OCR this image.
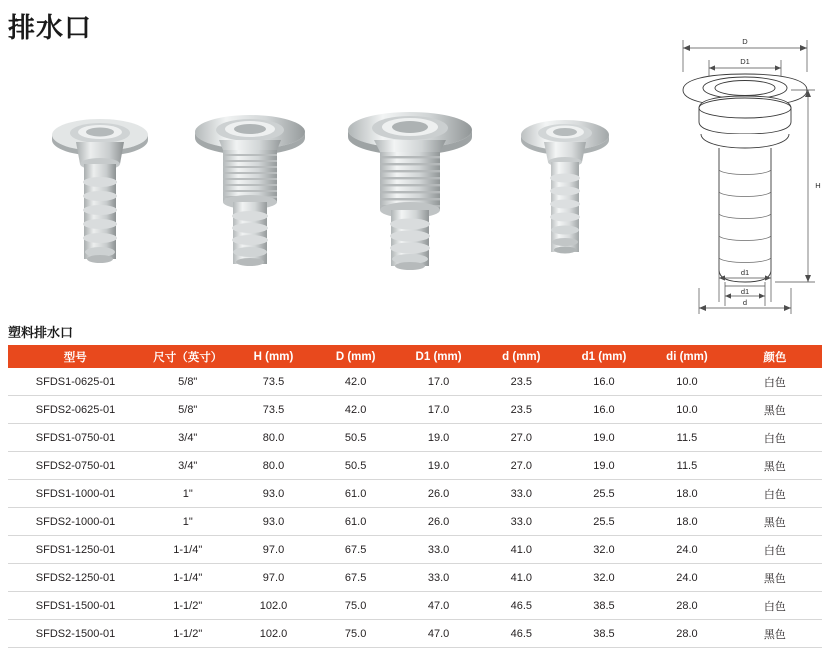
排水口	D
D1
H
d1
d1
d
塑料排水口
型号	尺寸（英寸）	H (mm)	D (mm)	D1 (mm)	d (mm)	d1 (mm)	di (mm)	颜色
SFDS1-0625-01	5/8"	73.5	42.0	17.0	23.5	16.0	10.0	白色
SFDS2-0625-01	5/8"	73.5	42.0	17.0	23.5	16.0	10.0	黑色
SFDS1-0750-01	3/4"	80.0	50.5	19.0	27.0	19.0	11.5	白色
SFDS2-0750-01	3/4"	80.0	50.5	19.0	27.0	19.0	11.5	黑色
SFDS1-1000-01	1"	93.0	61.0	26.0	33.0	25.5	18.0	白色
SFDS2-1000-01	1"	93.0	61.0	26.0	33.0	25.5	18.0	黑色
SFDS1-1250-01	1-1/4"	97.0	67.5	33.0	41.0	32.0	24.0	白色
SFDS2-1250-01	1-1/4"	97.0	67.5	33.0	41.0	32.0	24.0	黑色
SFDS1-1500-01	1-1/2"	102.0	75.0	47.0	46.5	38.5	28.0	白色
SFDS2-1500-01	1-1/2"	102.0	75.0	47.0	46.5	38.5	28.0	黑色
